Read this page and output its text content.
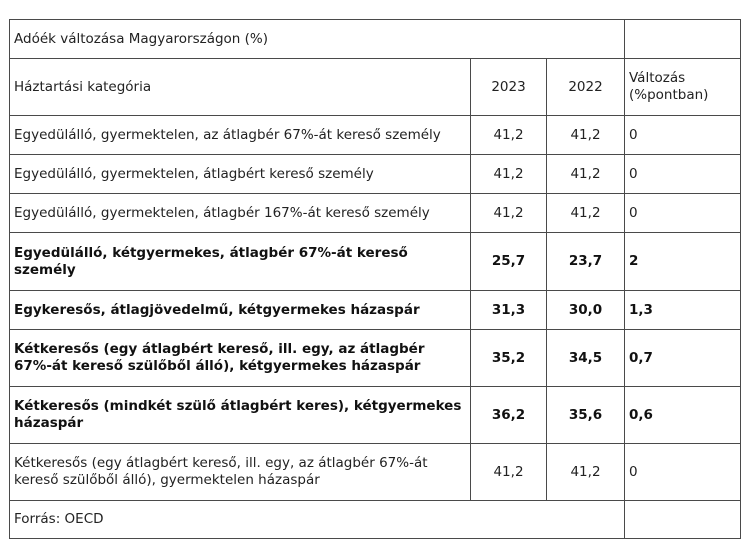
Adóék változása Magyarországon (%)			
Háztartási kategória	2023	2022	Változás (%pontban)
Egyedülálló, gyermektelen, az átlagbér 67%-át kereső személy	41,2	41,2	0
Egyedülálló, gyermektelen, átlagbért kereső személy	41,2	41,2	0
Egyedülálló, gyermektelen, átlagbér 167%-át kereső személy	41,2	41,2	0
Egyedülálló, kétgyermekes, átlagbér 67%-át kereső személy	25,7	23,7	2
Egykeresős, átlagjövedelmű, kétgyermekes házaspár	31,3	30,0	1,3
Kétkeresős (egy átlagbért kereső, ill. egy, az átlagbér 67%-át kereső szülőből álló), kétgyermekes házaspár	35,2	34,5	0,7
Kétkeresős (mindkét szülő átlagbért keres), kétgyermekes házaspár	36,2	35,6	0,6
Kétkeresős (egy átlagbért kereső, ill. egy, az átlagbér 67%-át kereső szülőből álló), gyermektelen házaspár	41,2	41,2	0
Forrás: OECD			
